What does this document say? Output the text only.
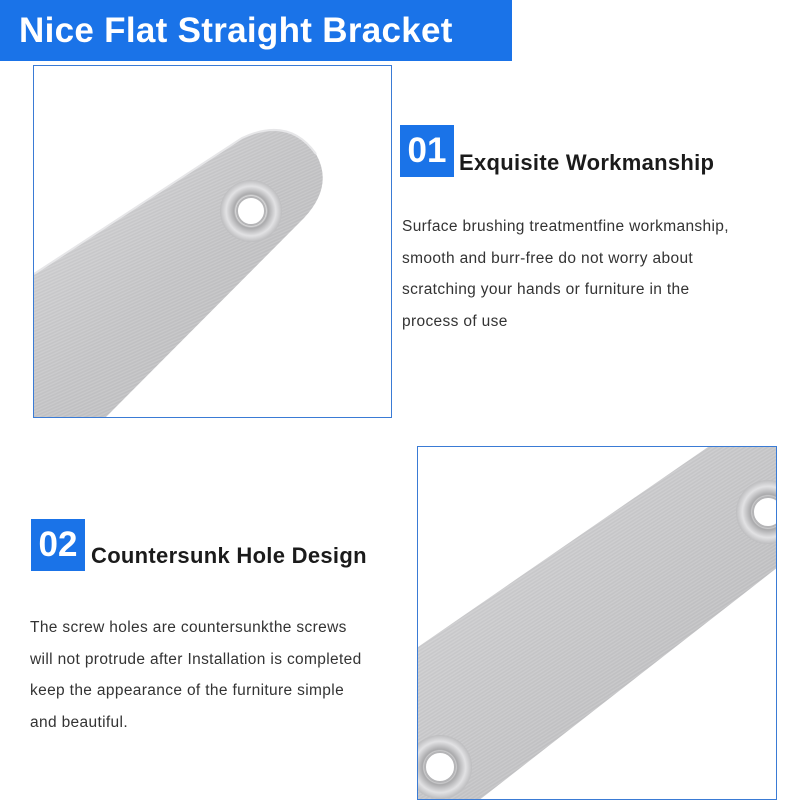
Nice Flat Straight Bracket
01 Exquisite Workmanship
Surface brushing treatmentfine workmanship,
smooth and burr-free do not worry about
scratching your hands or furniture in the
process of use
02 Countersunk Hole Design
The screw holes are countersunkthe screws
will not protrude after Installation is completed
keep the appearance of the furniture simple
and beautiful.
